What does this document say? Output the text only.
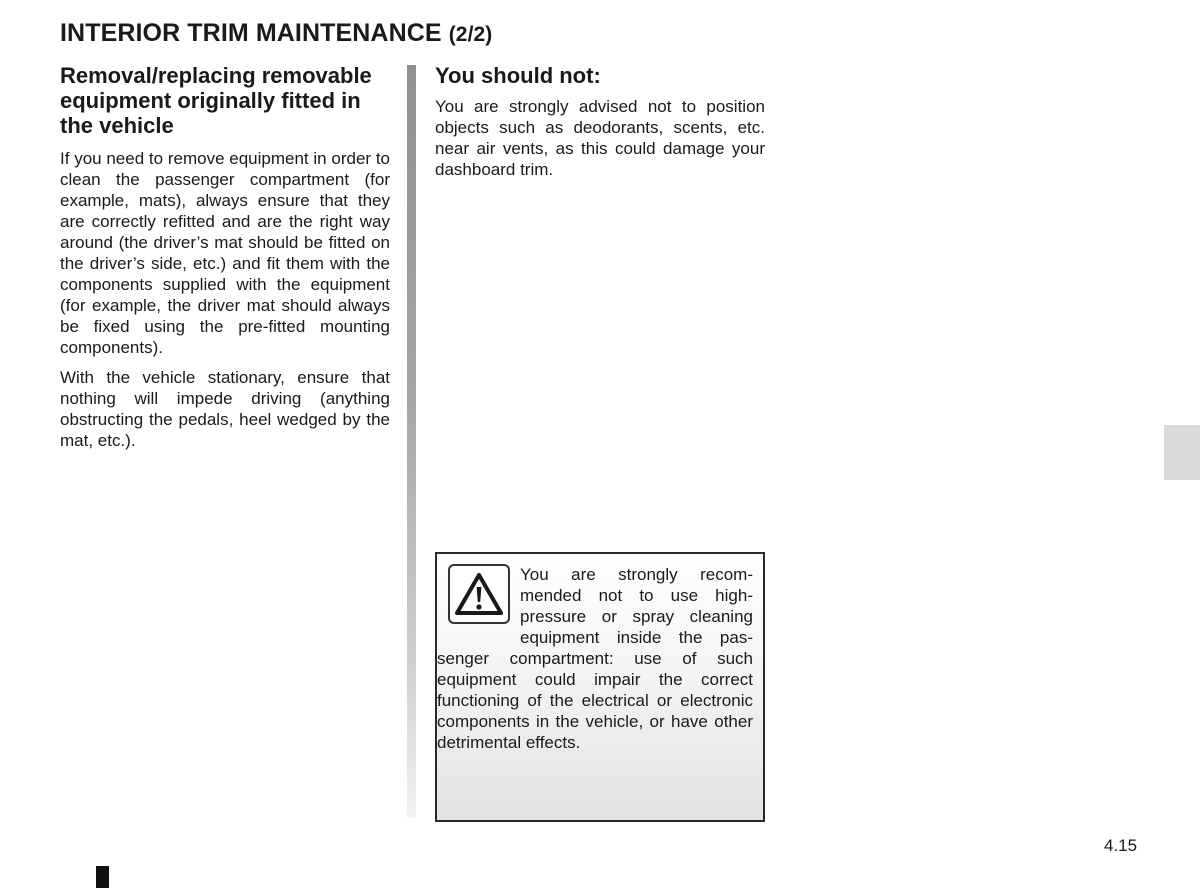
INTERIOR TRIM MAINTENANCE (2/2)
Removal/replacing removable equipment originally fitted in the vehicle

If you need to remove equipment in order to clean the passenger compartment (for example, mats), always ensure that they are correctly refitted and are the right way around (the driver’s mat should be fitted on the driver’s side, etc.) and fit them with the components supplied with the equipment (for example, the driver mat should always be fixed using the pre-fitted mounting components).

With the vehicle stationary, ensure that nothing will impede driving (anything obstructing the pedals, heel wedged by the mat, etc.).

You should not:

You are strongly advised not to position objects such as deodorants, scents, etc. near air vents, as this could damage your dashboard trim.

You are strongly recommended not to use high-pressure or spray cleaning equipment inside the passenger compartment: use of such equipment could impair the correct functioning of the electrical or electronic components in the vehicle, or have other detrimental effects.
4.15
